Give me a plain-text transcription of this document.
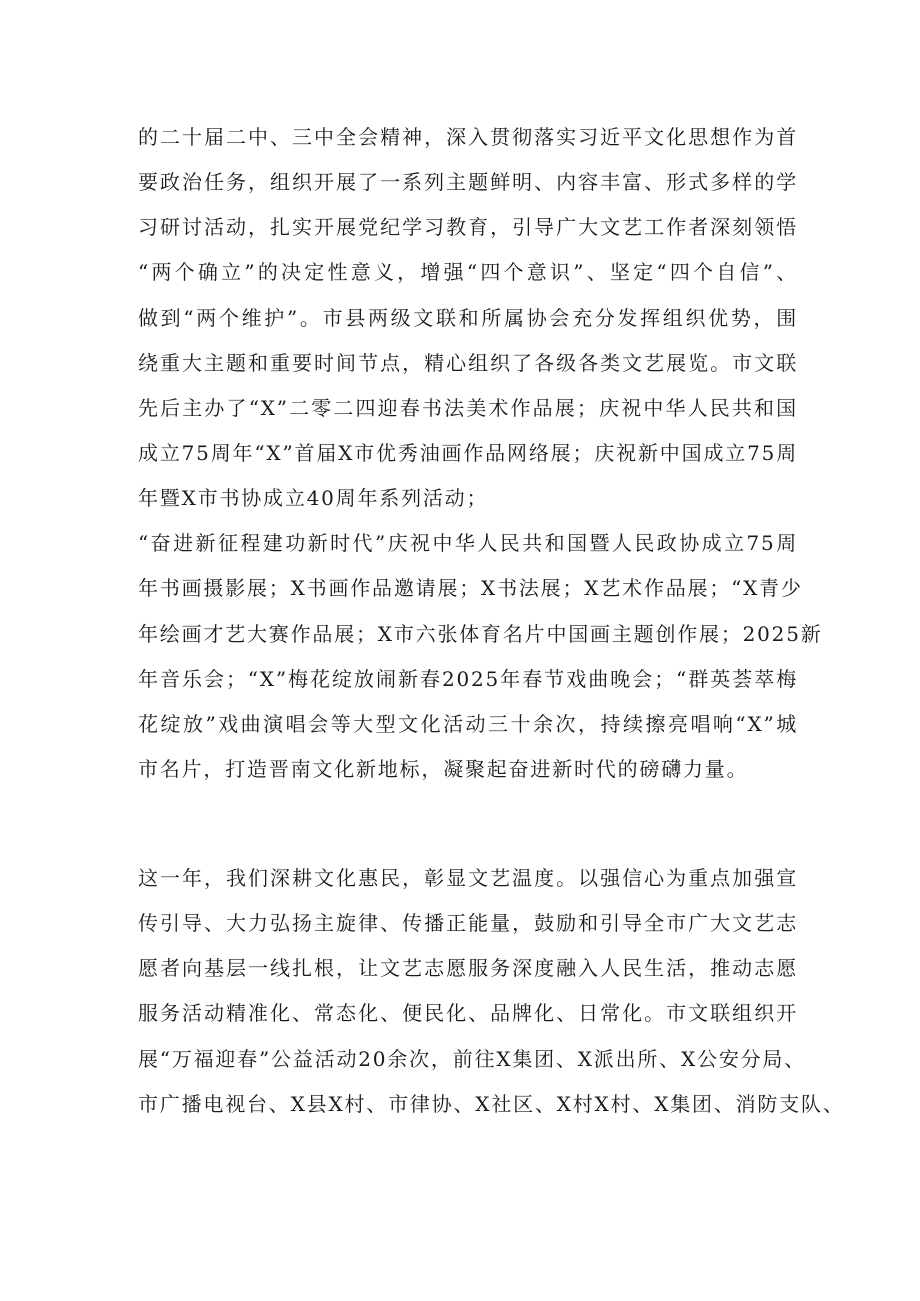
的二十届二中、三中全会精神，深入贯彻落实习近平文化思想作为首
要政治任务，组织开展了一系列主题鲜明、内容丰富、形式多样的学
习研讨活动，扎实开展党纪学习教育，引导广大文艺工作者深刻领悟
“两个确立”的决定性意义，增强“四个意识”、坚定“四个自信”、
做到“两个维护”。市县两级文联和所属协会充分发挥组织优势，围
绕重大主题和重要时间节点，精心组织了各级各类文艺展览。市文联
先后主办了“X”二零二四迎春书法美术作品展；庆祝中华人民共和国
成立75周年“X”首届X市优秀油画作品网络展；庆祝新中国成立75周
年暨X市书协成立40周年系列活动；
“奋进新征程建功新时代”庆祝中华人民共和国暨人民政协成立75周
年书画摄影展；X书画作品邀请展；X书法展；X艺术作品展；“X青少
年绘画才艺大赛作品展；X市六张体育名片中国画主题创作展；2025新
年音乐会；“X”梅花绽放闹新春2025年春节戏曲晚会；“群英荟萃梅
花绽放”戏曲演唱会等大型文化活动三十余次，持续擦亮唱响“X”城
市名片，打造晋南文化新地标，凝聚起奋进新时代的磅礴力量。
这一年，我们深耕文化惠民，彰显文艺温度。以强信心为重点加强宣
传引导、大力弘扬主旋律、传播正能量，鼓励和引导全市广大文艺志
愿者向基层一线扎根，让文艺志愿服务深度融入人民生活，推动志愿
服务活动精准化、常态化、便民化、品牌化、日常化。市文联组织开
展“万福迎春”公益活动20余次，前往X集团、X派出所、X公安分局、
市广播电视台、X县X村、市律协、X社区、X村X村、X集团、消防支队、
